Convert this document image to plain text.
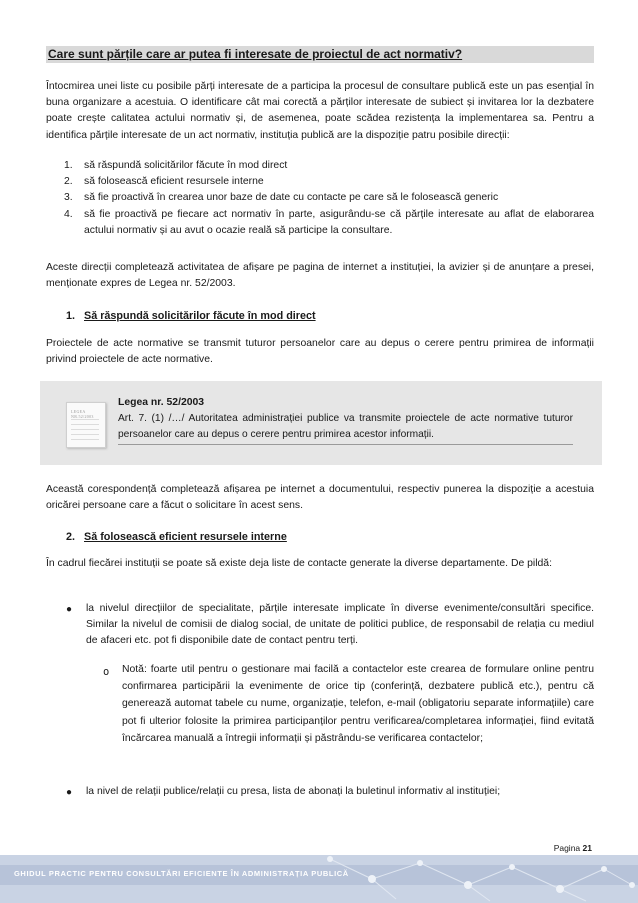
Care sunt părțile care ar putea fi interesate de proiectul de act normativ?

Întocmirea unei liste cu posibile părți interesate de a participa la procesul de consultare publică este un pas esențial în buna organizare a acestuia. O identificare cât mai corectă a părților interesate de subiect și invitarea lor la dezbatere poate crește calitatea actului normativ și, de asemenea, poate scădea rezistența la implementarea sa. Pentru a identifica părțile interesate de un act normativ, instituția publică are la dispoziție patru posibile direcții:

1. să răspundă solicitărilor făcute în mod direct
2. să folosească eficient resursele interne
3. să fie proactivă în crearea unor baze de date cu contacte pe care să le folosească generic
4. să fie proactivă pe fiecare act normativ în parte, asigurându-se că părțile interesate au aflat de elaborarea actului normativ și au avut o ocazie reală să participe la consultare.

Aceste direcții completează activitatea de afișare pe pagina de internet a instituției, la avizier și de anunțare a presei, menționate expres de Legea nr. 52/2003.

1. Să răspundă solicitărilor făcute în mod direct

Proiectele de acte normative se transmit tuturor persoanelor care au depus o cerere pentru primirea de informații privind proiectele de acte normative.

LEGEA NR.52/2003
Legea nr. 52/2003

Art. 7. (1) /…/ Autoritatea administrației publice va transmite proiectele de acte normative tuturor persoanelor care au depus o cerere pentru primirea acestor informații.

Această corespondență completează afișarea pe internet a documentului, respectiv punerea la dispoziție a acestuia oricărei persoane care a făcut o solicitare în acest sens.

2. Să folosească eficient resursele interne

În cadrul fiecărei instituții se poate să existe deja liste de contacte generate la diverse departamente. De pildă:

● la nivelul direcțiilor de specialitate, părțile interesate implicate în diverse evenimente/consultări specifice. Similar la nivelul de comisii de dialog social, de unitate de politici publice, de responsabil de relația cu mediul de afaceri etc. pot fi disponibile date de contact pentru terți.

o Notă: foarte util pentru o gestionare mai facilă a contactelor este crearea de formulare online pentru confirmarea participării la evenimente de orice tip (conferință, dezbatere publică etc.), pentru că generează automat tabele cu nume, organizație, telefon, e-mail (obligatoriu separate informațiile) care pot fi ulterior folosite la primirea participanților pentru verificarea/completarea informației, fiind evitată încărcarea manuală a întregii informații și păstrându-se verificarea contactelor;

● la nivel de relații publice/relații cu presa, lista de abonați la buletinul informativ al instituției;

Pagina 21
GHIDUL PRACTIC PENTRU CONSULTĂRI EFICIENTE ÎN ADMINISTRAȚIA PUBLICĂ
